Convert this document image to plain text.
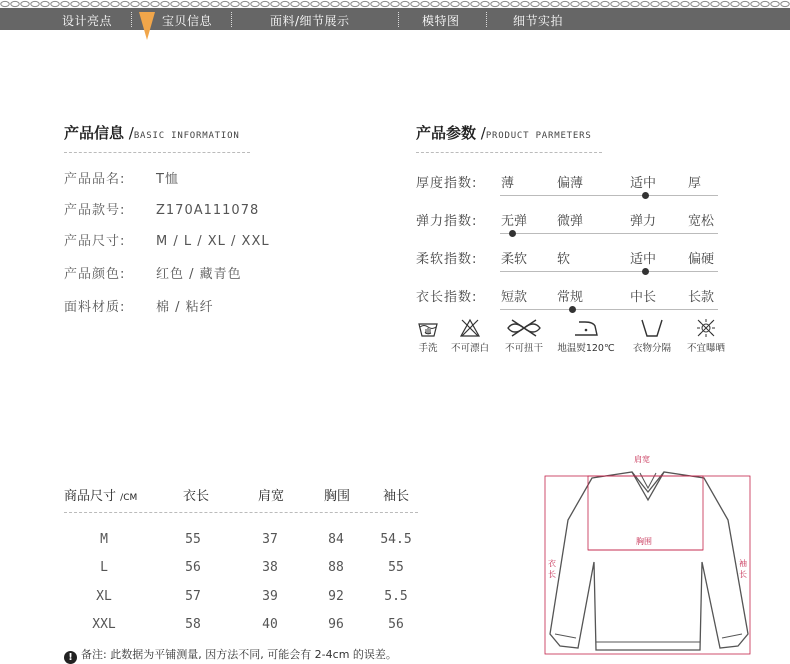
设计亮点	宝贝信息	面料/细节展示	模特图	细节实拍
产品信息 /BASIC INFORMATION
产品品名: T恤
产品款号: Z170A111078
产品尺寸: M / L / XL / XXL
产品颜色: 红色 / 藏青色
面料材质: 棉 / 粘纤
产品参数 /PRODUCT PARMETERS
厚度指数: 薄	偏薄	适中 厚
弹力指数: 无弹 微弹	弹力 宽松
柔软指数: 柔软 软	适中 偏硬
衣长指数: 短款 常规	中长 长款
手洗	不可漂白	不可扭干	地温熨120℃	衣物分隔	不宜曝晒
商品尺寸 /CM	衣长	肩宽	胸围	袖长
M	55	37	84	54.5
L	56	38	88	55
XL	57	39	92	5.5
XXL	58	40	96	56
! 备注: 此数据为平铺测量, 因方法不同, 可能会有 2-4cm 的误差。
肩宽
胸围
衣长
袖长
